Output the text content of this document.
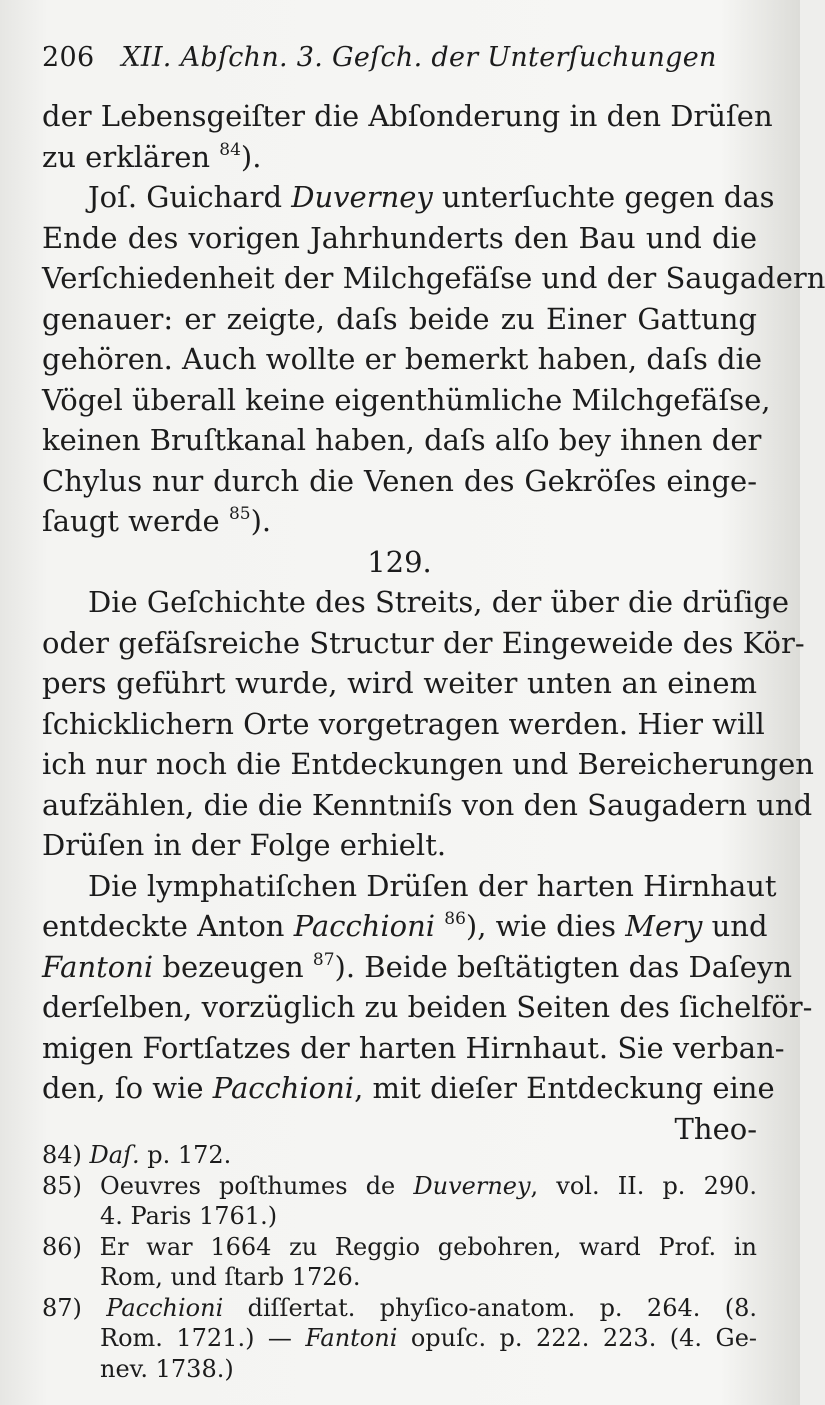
206 XII. Abſchn. 3. Geſch. der Unterſuchungen
der Lebensgeiſter die Abſonderung in den Drüſen
zu erklären $^{84}$).
Joſ. Guichard Duverney unterſuchte gegen das
Ende des vorigen Jahrhunderts den Bau und die
Verſchiedenheit der Milchgefäſse und der Saugadern
genauer: er zeigte, daſs beide zu Einer Gattung
gehören. Auch wollte er bemerkt haben, daſs die
Vögel überall keine eigenthümliche Milchgefäſse,
keinen Bruſtkanal haben, daſs alſo bey ihnen der
Chylus nur durch die Venen des Gekröſes einge-
ſaugt werde $^{85}$).
129.
Die Geſchichte des Streits, der über die drüſige
oder gefäſsreiche Structur der Eingeweide des Kör-
pers geführt wurde, wird weiter unten an einem
ſchicklichern Orte vorgetragen werden. Hier will
ich nur noch die Entdeckungen und Bereicherungen
aufzählen, die die Kenntniſs von den Saugadern und
Drüſen in der Folge erhielt.
Die lymphatiſchen Drüſen der harten Hirnhaut
entdeckte Anton Pacchioni $^{86}$), wie dies Mery und
Fantoni bezeugen $^{87}$). Beide beſtätigten das Daſeyn
derſelben, vorzüglich zu beiden Seiten des ſichelför-
migen Fortſatzes der harten Hirnhaut. Sie verban-
den, ſo wie Pacchioni, mit dieſer Entdeckung eine
Theo-
84) Daſ. p. 172.
85) Oeuvres poſthumes de Duverney, vol. II. p. 290.
4. Paris 1761.)
86) Er war 1664 zu Reggio gebohren, ward Prof. in
Rom, und ſtarb 1726.
87) Pacchioni diſſertat. phyſico-anatom. p. 264. (8.
Rom. 1721.) — Fantoni opuſc. p. 222. 223. (4. Ge-
nev. 1738.)
